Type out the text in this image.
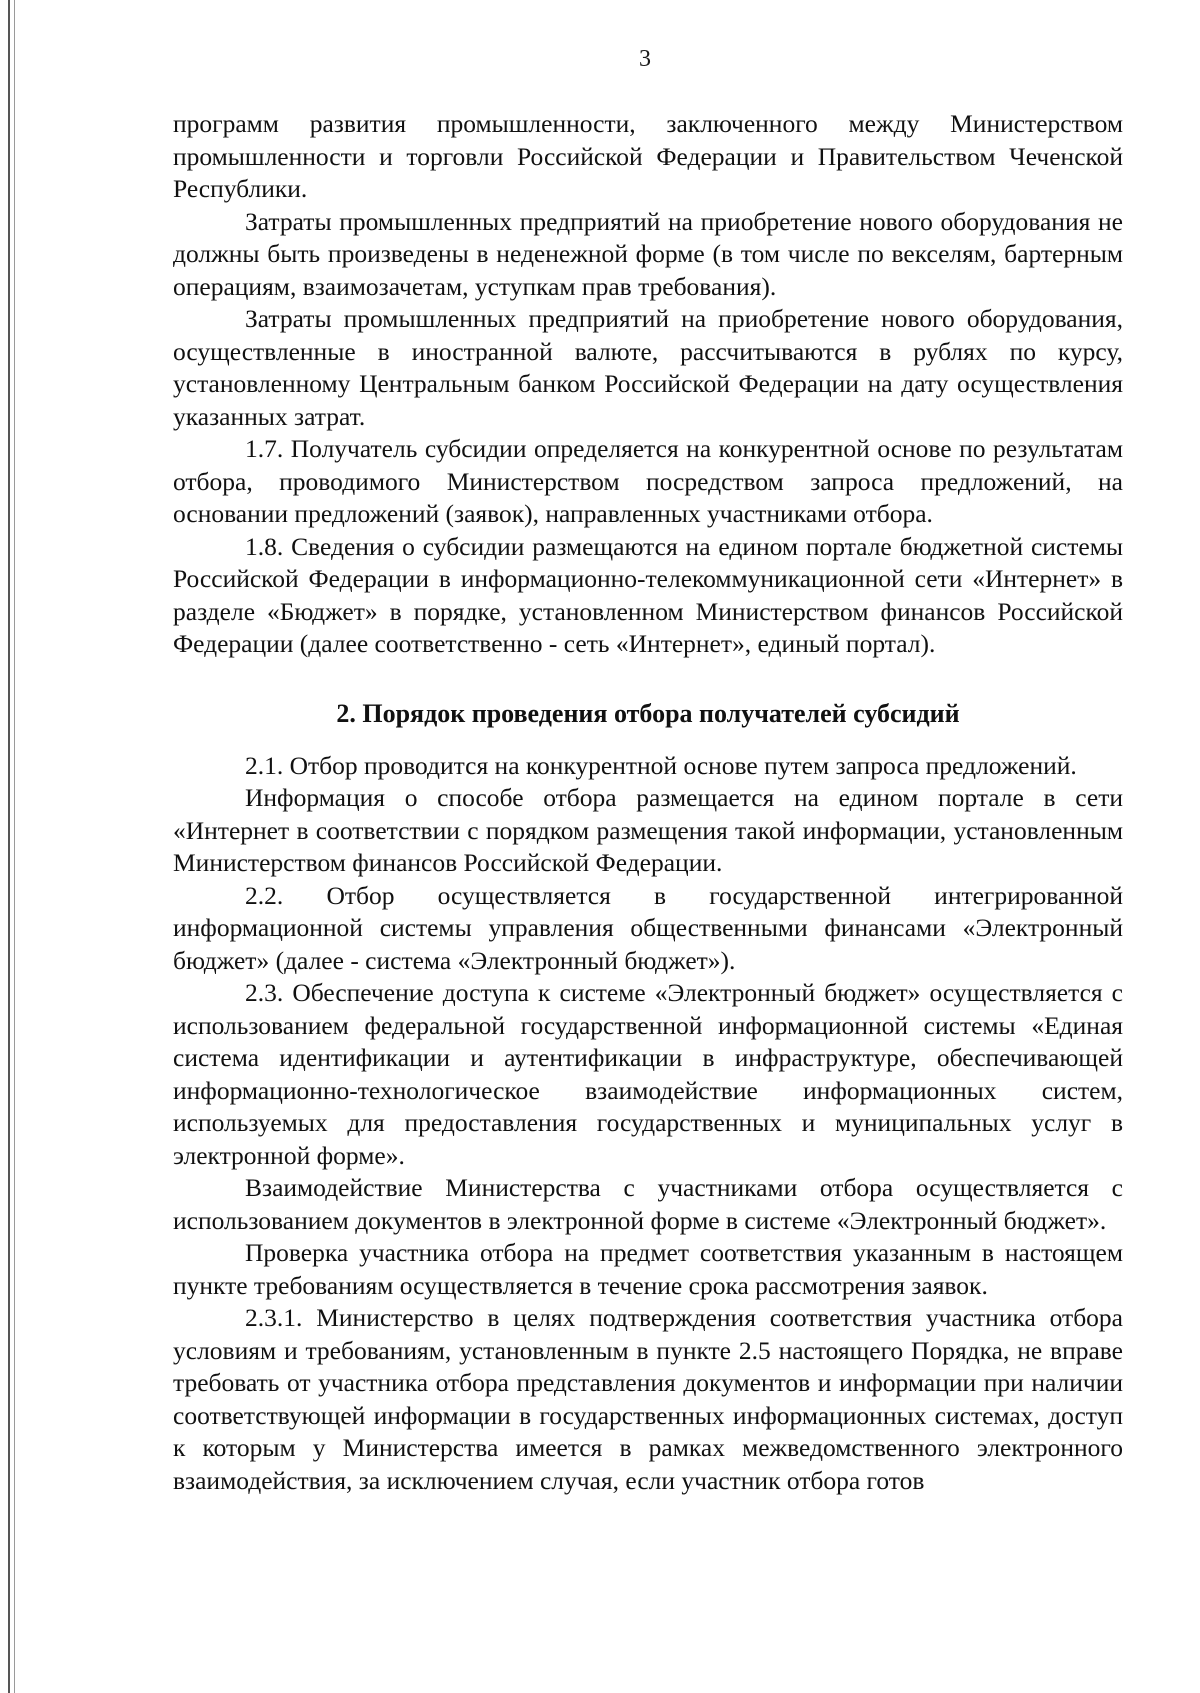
3

программ развития промышленности, заключенного между Министерством промышленности и торговли Российской Федерации и Правительством Чеченской Республики.

Затраты промышленных предприятий на приобретение нового оборудования не должны быть произведены в неденежной форме (в том числе по векселям, бартерным операциям, взаимозачетам, уступкам прав требования).

Затраты промышленных предприятий на приобретение нового оборудования, осуществленные в иностранной валюте, рассчитываются в рублях по курсу, установленному Центральным банком Российской Федерации на дату осуществления указанных затрат.

1.7. Получатель субсидии определяется на конкурентной основе по результатам отбора, проводимого Министерством посредством запроса предложений, на основании предложений (заявок), направленных участниками отбора.

1.8. Сведения о субсидии размещаются на едином портале бюджетной системы Российской Федерации в информационно-телекоммуникационной сети «Интернет» в разделе «Бюджет» в порядке, установленном Министерством финансов Российской Федерации (далее соответственно - сеть «Интернет», единый портал).

2. Порядок проведения отбора получателей субсидий

2.1. Отбор проводится на конкурентной основе путем запроса предложений.

Информация о способе отбора размещается на едином портале в сети «Интернет в соответствии с порядком размещения такой информации, установленным Министерством финансов Российской Федерации.

2.2. Отбор осуществляется в государственной интегрированной информационной системы управления общественными финансами «Электронный бюджет» (далее - система «Электронный бюджет»).

2.3. Обеспечение доступа к системе «Электронный бюджет» осуществляется с использованием федеральной государственной информационной системы «Единая система идентификации и аутентификации в инфраструктуре, обеспечивающей информационно-технологическое взаимодействие информационных систем, используемых для предоставления государственных и муниципальных услуг в электронной форме».

Взаимодействие Министерства с участниками отбора осуществляется с использованием документов в электронной форме в системе «Электронный бюджет».

Проверка участника отбора на предмет соответствия указанным в настоящем пункте требованиям осуществляется в течение срока рассмотрения заявок.

2.3.1. Министерство в целях подтверждения соответствия участника отбора условиям и требованиям, установленным в пункте 2.5 настоящего Порядка, не вправе требовать от участника отбора представления документов и информации при наличии соответствующей информации в государственных информационных системах, доступ к которым у Министерства имеется в рамках межведомственного электронного взаимодействия, за исключением случая, если участник отбора готов
